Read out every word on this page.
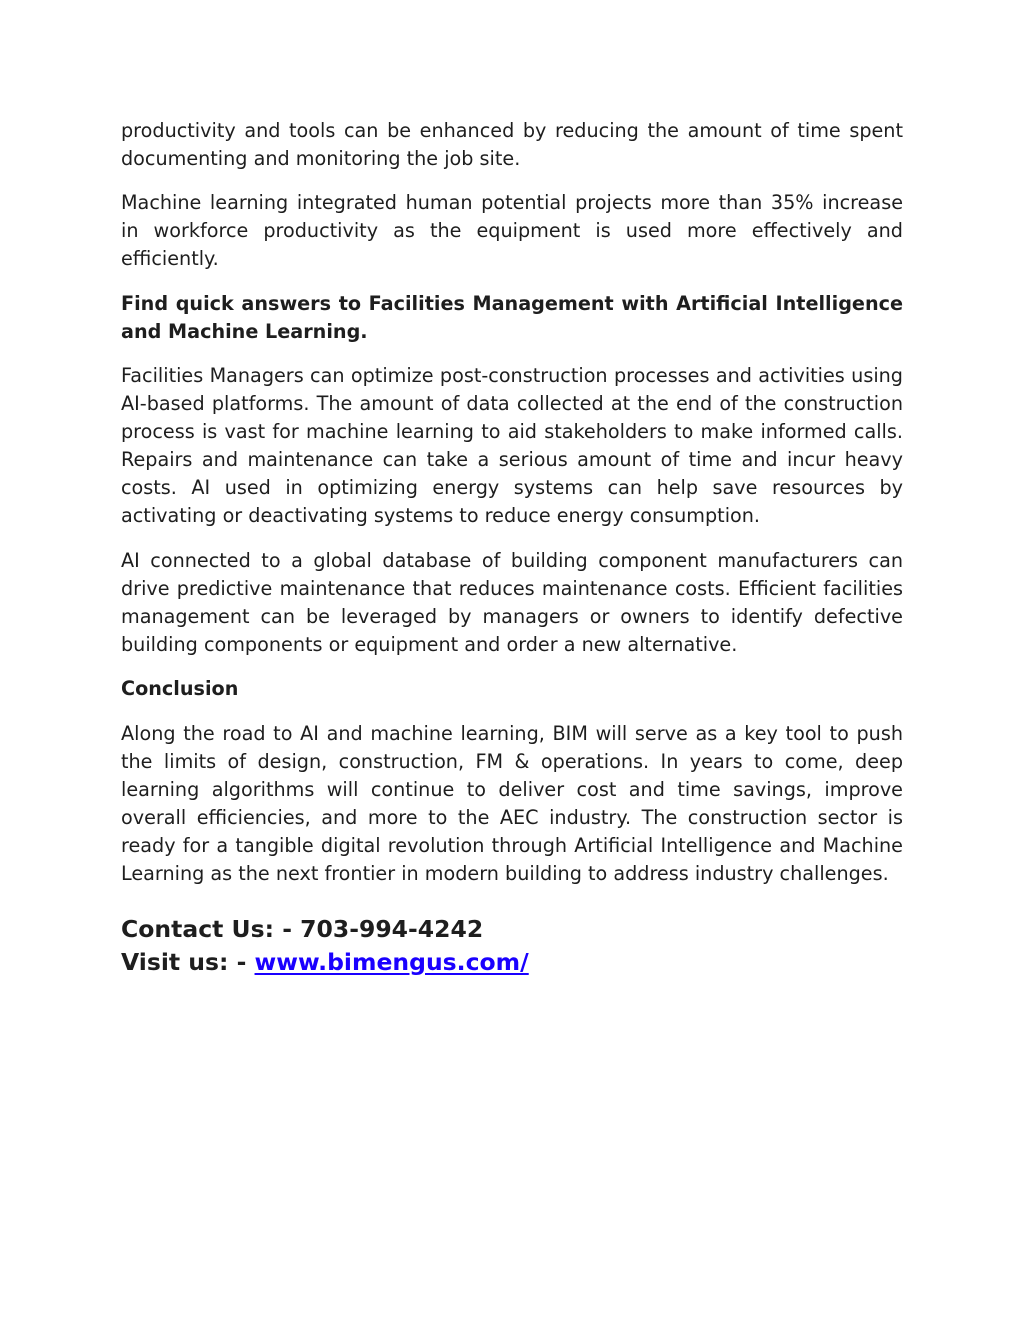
productivity and tools can be enhanced by reducing the amount of time spent documenting and monitoring the job site.

Machine learning integrated human potential projects more than 35% increase in workforce productivity as the equipment is used more effectively and efficiently.

Find quick answers to Facilities Management with Artificial Intelligence and Machine Learning.

Facilities Managers can optimize post-construction processes and activities using AI-based platforms. The amount of data collected at the end of the construction process is vast for machine learning to aid stakeholders to make informed calls. Repairs and maintenance can take a serious amount of time and incur heavy costs. AI used in optimizing energy systems can help save resources by activating or deactivating systems to reduce energy consumption.

AI connected to a global database of building component manufacturers can drive predictive maintenance that reduces maintenance costs. Efficient facilities management can be leveraged by managers or owners to identify defective building components or equipment and order a new alternative.

Conclusion

Along the road to AI and machine learning, BIM will serve as a key tool to push the limits of design, construction, FM & operations. In years to come, deep learning algorithms will continue to deliver cost and time savings, improve overall efficiencies, and more to the AEC industry. The construction sector is ready for a tangible digital revolution through Artificial Intelligence and Machine Learning as the next frontier in modern building to address industry challenges.

Contact Us: - 703-994-4242
Visit us: - www.bimengus.com/
